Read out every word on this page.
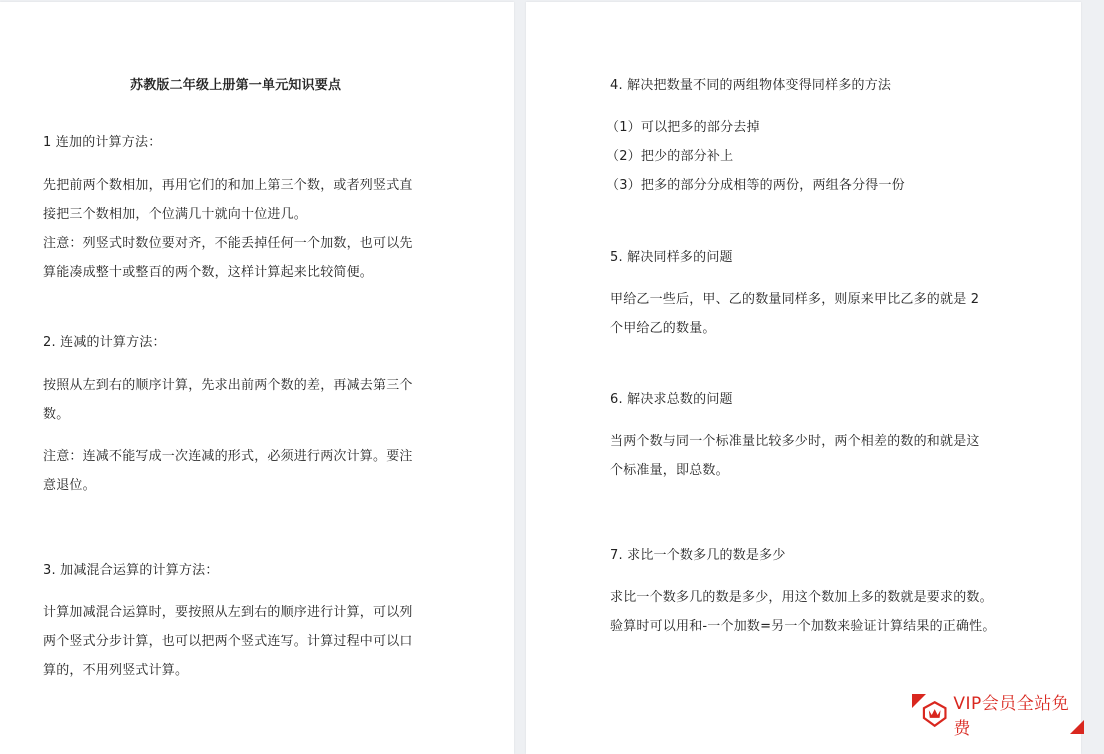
苏教版二年级上册第一单元知识要点
1 连加的计算方法：
先把前两个数相加，再用它们的和加上第三个数，或者列竖式直
接把三个数相加，个位满几十就向十位进几。
注意：列竖式时数位要对齐，不能丢掉任何一个加数，也可以先
算能凑成整十或整百的两个数，这样计算起来比较简便。
2. 连减的计算方法：
按照从左到右的顺序计算，先求出前两个数的差，再减去第三个
数。
注意：连减不能写成一次连减的形式，必须进行两次计算。要注
意退位。
3. 加减混合运算的计算方法：
计算加减混合运算时，要按照从左到右的顺序进行计算，可以列
两个竖式分步计算，也可以把两个竖式连写。计算过程中可以口
算的，不用列竖式计算。
4. 解决把数量不同的两组物体变得同样多的方法
（1）可以把多的部分去掉
（2）把少的部分补上
（3）把多的部分分成相等的两份，两组各分得一份
5. 解决同样多的问题
甲给乙一些后，甲、乙的数量同样多，则原来甲比乙多的就是 2
个甲给乙的数量。
6. 解决求总数的问题
当两个数与同一个标准量比较多少时，两个相差的数的和就是这
个标准量，即总数。
7. 求比一个数多几的数是多少
求比一个数多几的数是多少，用这个数加上多的数就是要求的数。
验算时可以用和-一个加数=另一个加数来验证计算结果的正确性。
VIP会员全站免费
